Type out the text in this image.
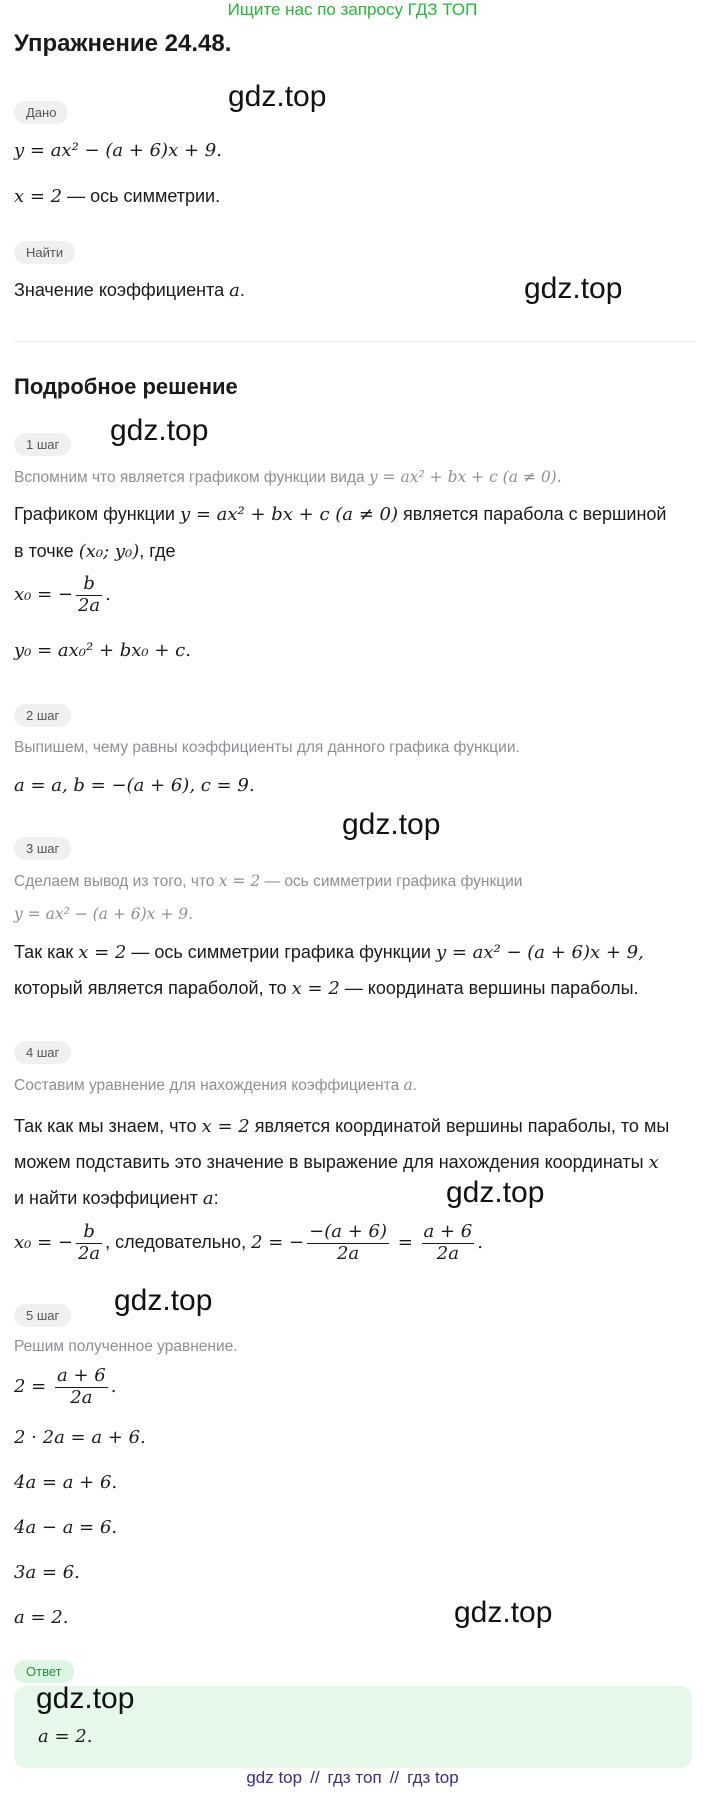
Ищите нас по запросу ГДЗ ТОП
Упражнение 24.48.
Дано	gdz.top
y = ax² − (a + 6)x + 9.
x = 2 — ось симметрии.
Найти
Значение коэффициента a.	gdz.top
Подробное решение
1 шаг	gdz.top
Вспомним что является графиком функции вида y = ax² + bx + c (a ≠ 0).
Графиком функции y = ax² + bx + c (a ≠ 0) является парабола с вершиной
в точке (x₀; y₀), где
x₀ = − $\frac{b}{2a}$ .
y₀ = ax₀² + bx₀ + c.
2 шаг
Выпишем, чему равны коэффициенты для данного графика функции.
a = a, b = −(a + 6), c = 9.
gdz.top
3 шаг
Сделаем вывод из того, что x = 2 — ось симметрии графика функции
y = ax² − (a + 6)x + 9.
Так как x = 2 — ось симметрии графика функции y = ax² − (a + 6)x + 9,
который является параболой, то x = 2 — координата вершины параболы.
4 шаг
Составим уравнение для нахождения коэффициента a.
Так как мы знаем, что x = 2 является координатой вершины параболы, то мы
можем подставить это значение в выражение для нахождения координаты x
и найти коэффициент a:	gdz.top
x₀ = − $\frac{b}{2a}$ , следовательно, 2 = − $\frac{-(a + 6)}{2a} = \frac{a + 6}{2a}$ .
5 шаг	gdz.top
Решим полученное уравнение.
$2 = \frac{a + 6}{2a}$ .
2 · 2a = a + 6.
4a = a + 6.
4a − a = 6.
3a = 6.
a = 2.	gdz.top
Ответ
gdz.top
a = 2.
gdz top // гдз топ // гдз top
